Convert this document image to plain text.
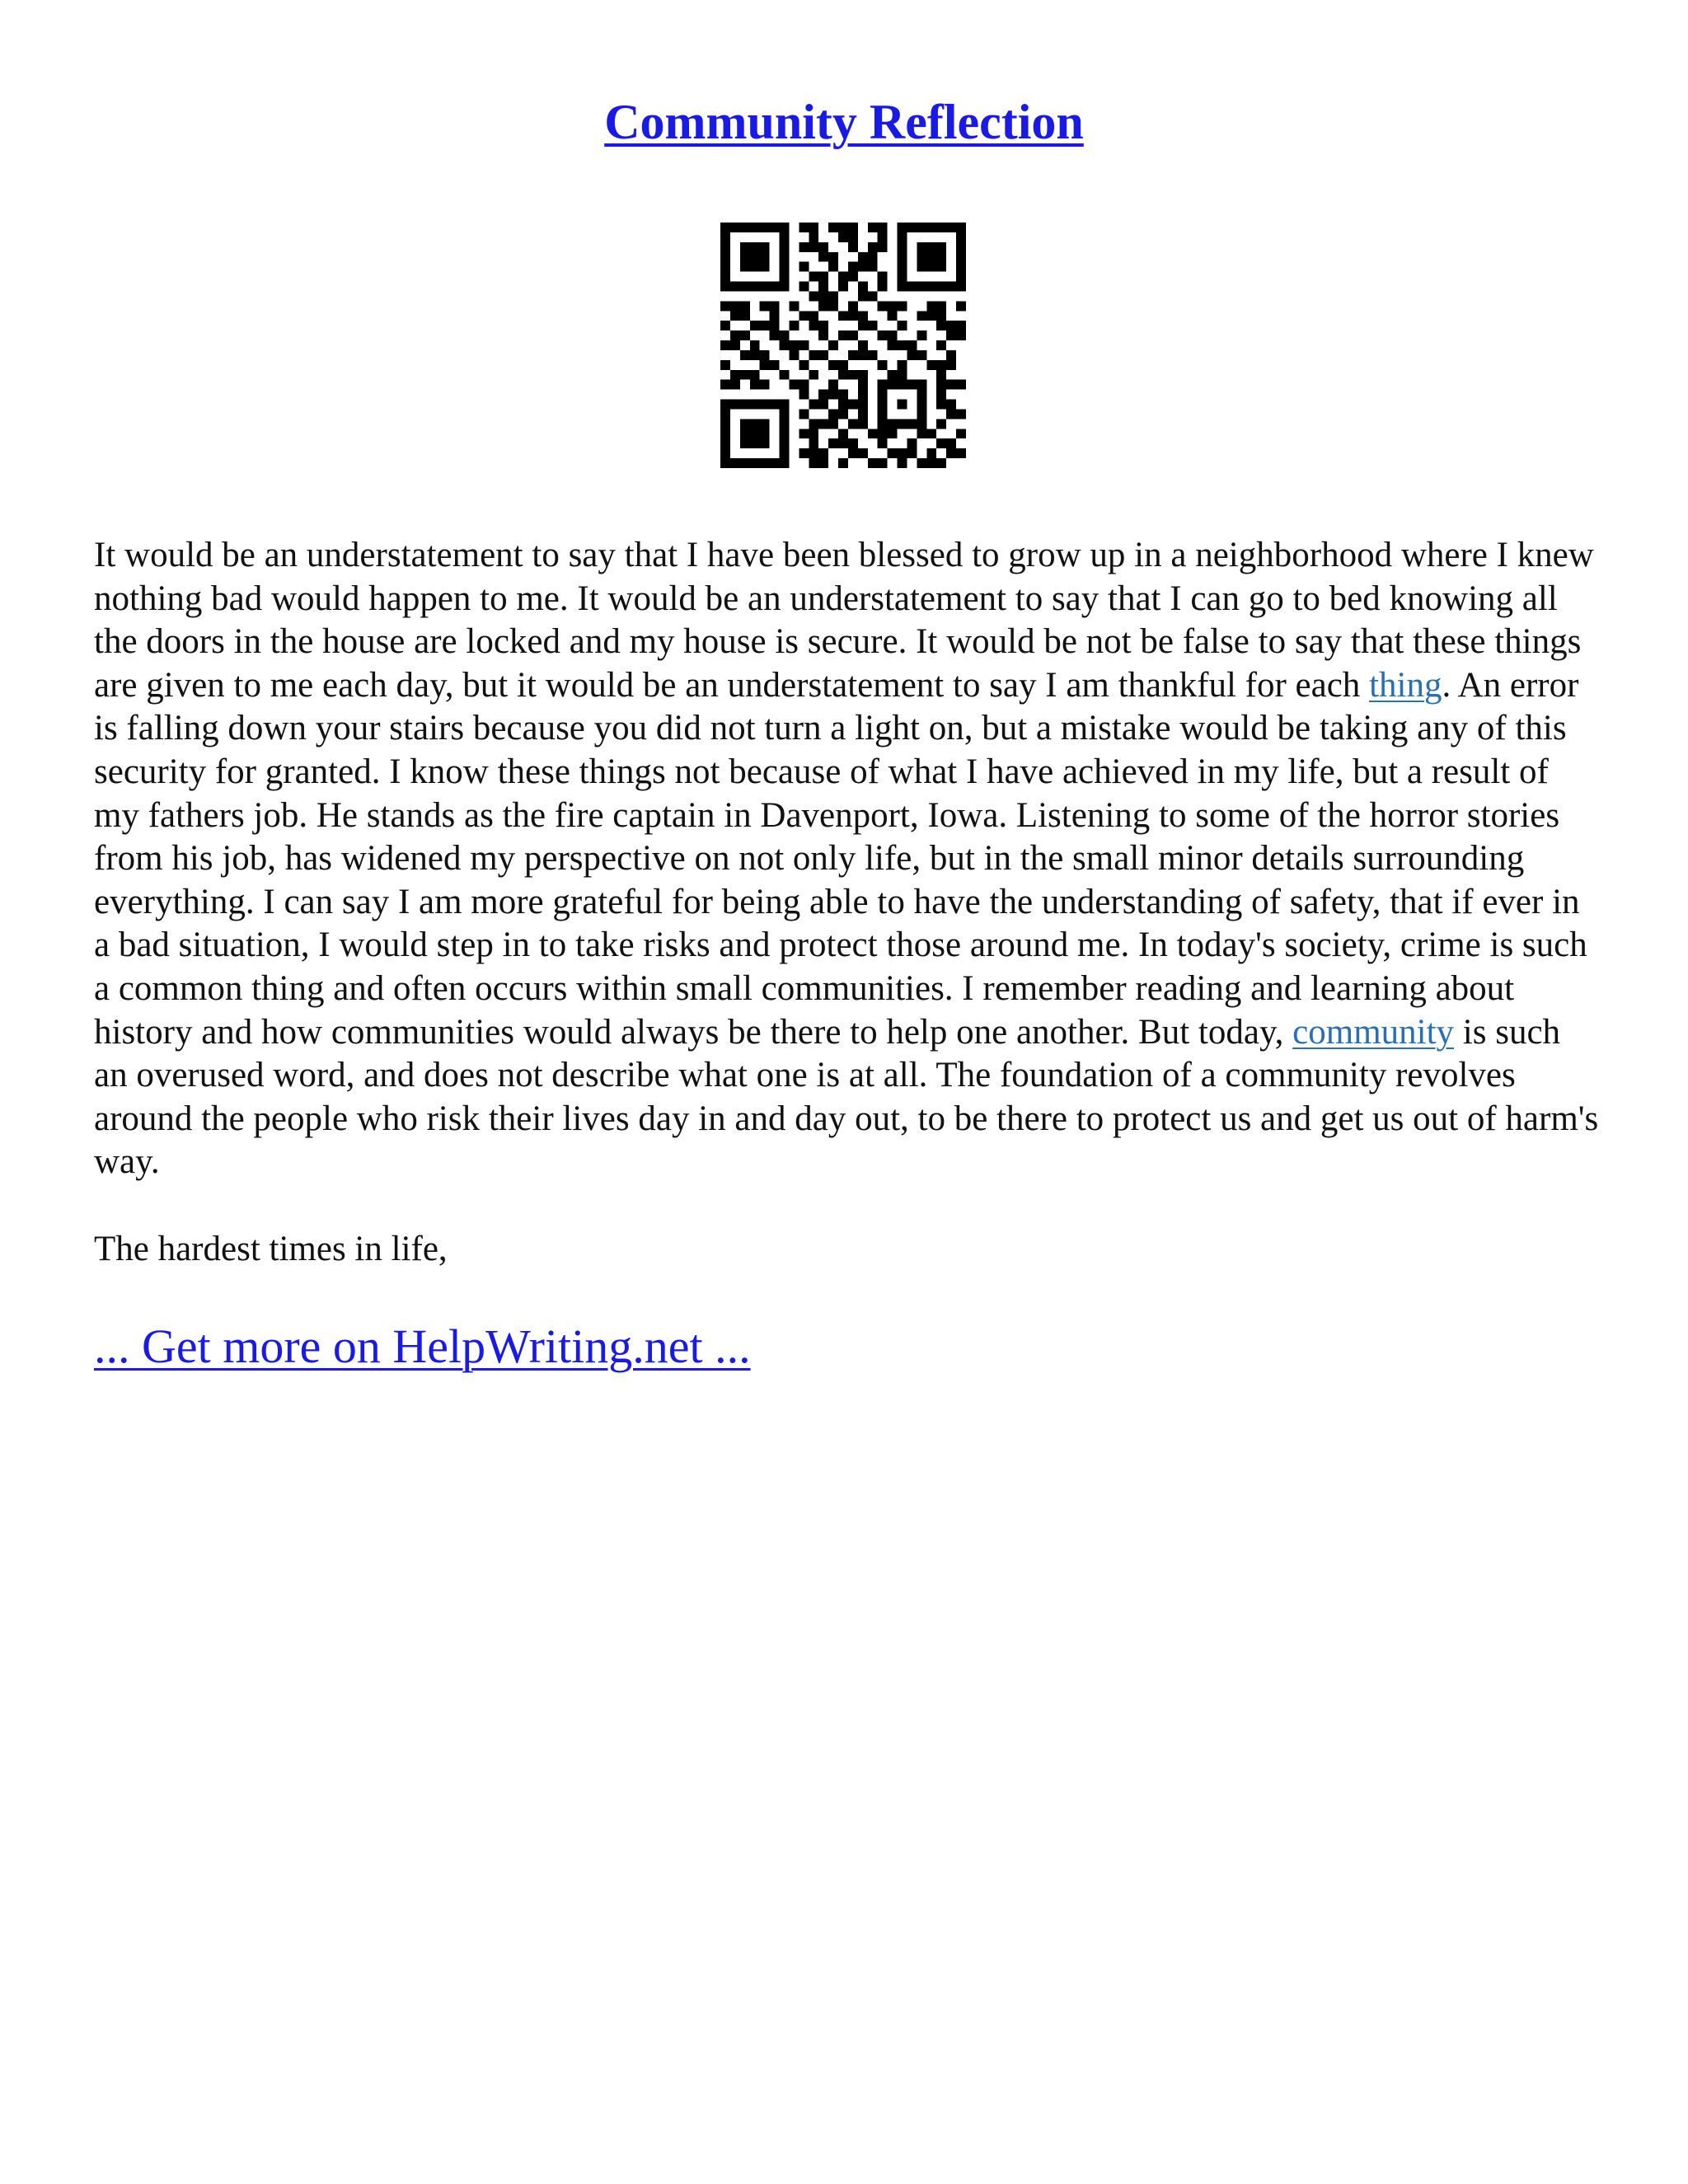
Community Reflection

It would be an understatement to say that I have been blessed to grow up in a neighborhood where I knew nothing bad would happen to me. It would be an understatement to say that I can go to bed knowing all the doors in the house are locked and my house is secure. It would be not be false to say that these things are given to me each day, but it would be an understatement to say I am thankful for each thing. An error is falling down your stairs because you did not turn a light on, but a mistake would be taking any of this security for granted. I know these things not because of what I have achieved in my life, but a result of my fathers job. He stands as the fire captain in Davenport, Iowa. Listening to some of the horror stories from his job, has widened my perspective on not only life, but in the small minor details surrounding everything. I can say I am more grateful for being able to have the understanding of safety, that if ever in a bad situation, I would step in to take risks and protect those around me. In today's society, crime is such a common thing and often occurs within small communities. I remember reading and learning about history and how communities would always be there to help one another. But today, community is such an overused word, and does not describe what one is at all. The foundation of a community revolves around the people who risk their lives day in and day out, to be there to protect us and get us out of harm's way.

The hardest times in life,

... Get more on HelpWriting.net ...
